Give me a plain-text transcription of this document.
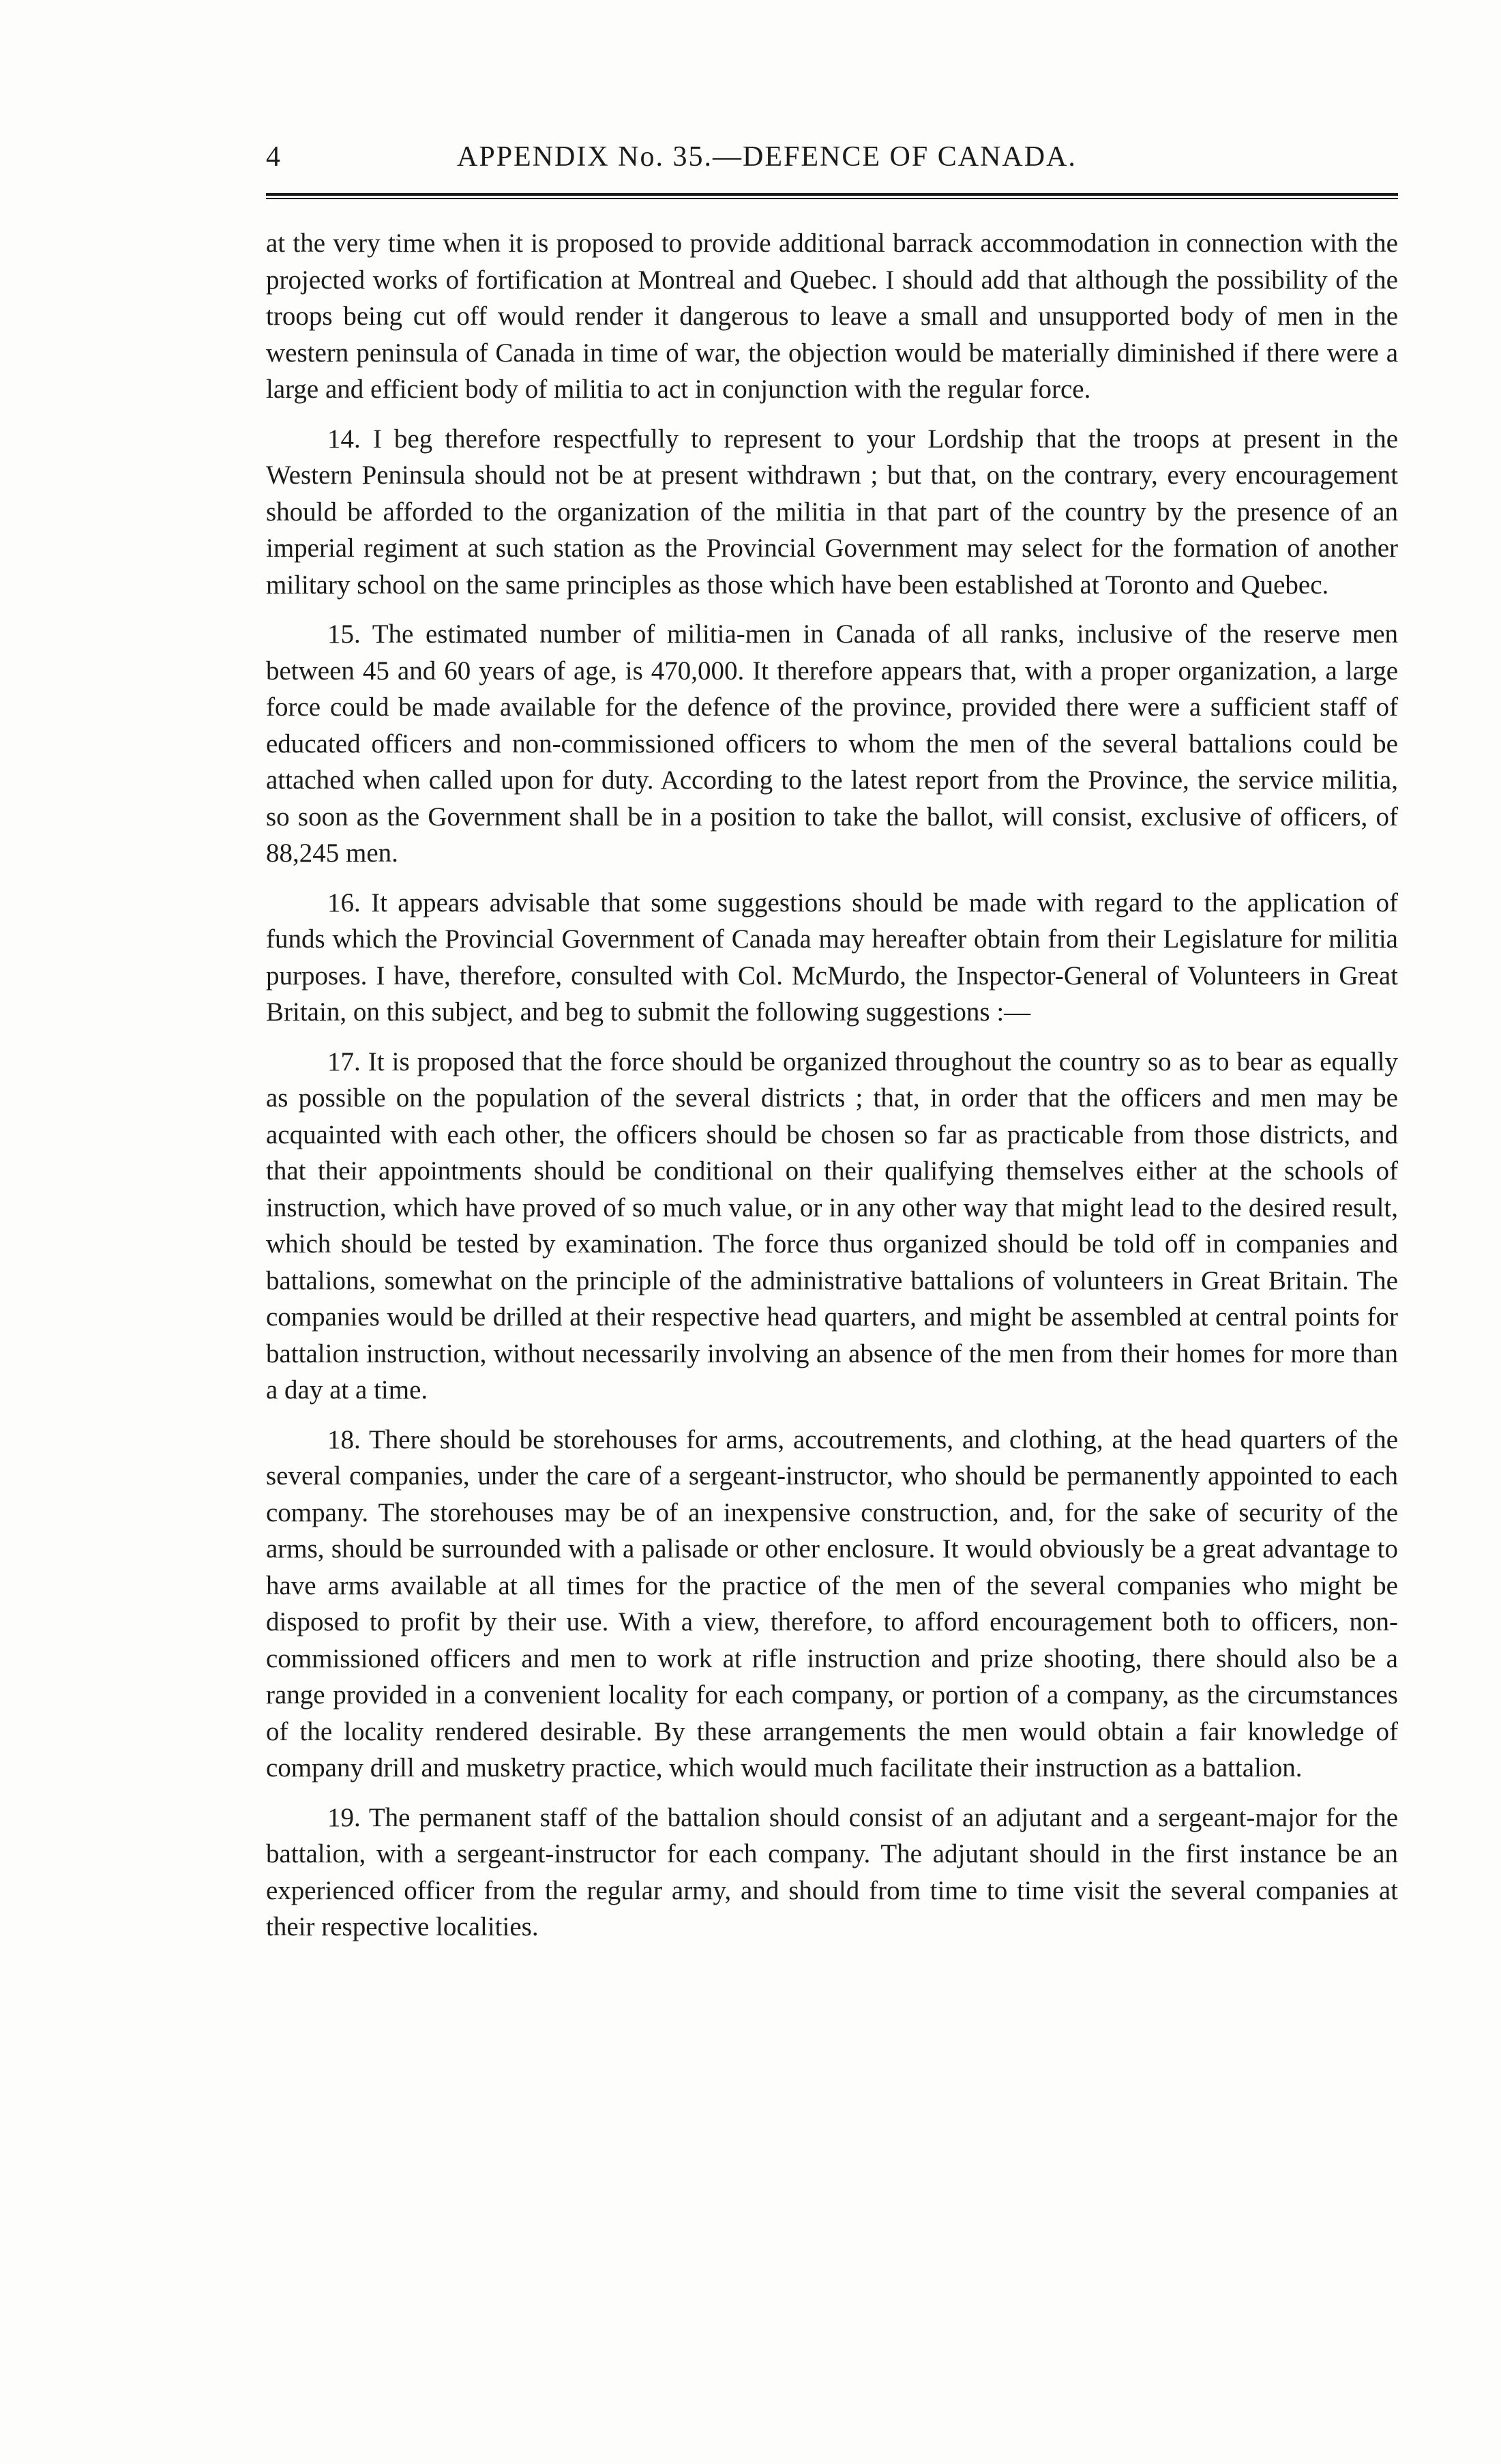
4	APPENDIX No. 35.—DEFENCE OF CANADA.

at the very time when it is proposed to provide additional barrack accommodation in connection with the projected works of fortification at Montreal and Quebec. I should add that although the possibility of the troops being cut off would render it dangerous to leave a small and unsupported body of men in the western peninsula of Canada in time of war, the objection would be materially diminished if there were a large and efficient body of militia to act in conjunction with the regular force.

14. I beg therefore respectfully to represent to your Lordship that the troops at present in the Western Peninsula should not be at present withdrawn ; but that, on the contrary, every encouragement should be afforded to the organization of the militia in that part of the country by the presence of an imperial regiment at such station as the Provincial Government may select for the formation of another military school on the same principles as those which have been established at Toronto and Quebec.

15. The estimated number of militia-men in Canada of all ranks, inclusive of the reserve men between 45 and 60 years of age, is 470,000. It therefore appears that, with a proper organization, a large force could be made available for the defence of the province, provided there were a sufficient staff of educated officers and non-commissioned officers to whom the men of the several battalions could be attached when called upon for duty. According to the latest report from the Province, the service militia, so soon as the Government shall be in a position to take the ballot, will consist, exclusive of officers, of 88,245 men.

16. It appears advisable that some suggestions should be made with regard to the application of funds which the Provincial Government of Canada may hereafter obtain from their Legislature for militia purposes. I have, therefore, consulted with Col. McMurdo, the Inspector-General of Volunteers in Great Britain, on this subject, and beg to submit the following suggestions :—

17. It is proposed that the force should be organized throughout the country so as to bear as equally as possible on the population of the several districts ; that, in order that the officers and men may be acquainted with each other, the officers should be chosen so far as practicable from those districts, and that their appointments should be conditional on their qualifying themselves either at the schools of instruction, which have proved of so much value, or in any other way that might lead to the desired result, which should be tested by examination. The force thus organized should be told off in companies and battalions, somewhat on the principle of the administrative battalions of volunteers in Great Britain. The companies would be drilled at their respective head quarters, and might be assembled at central points for battalion instruction, without necessarily involving an absence of the men from their homes for more than a day at a time.

18. There should be storehouses for arms, accoutrements, and clothing, at the head quarters of the several companies, under the care of a sergeant-instructor, who should be permanently appointed to each company. The storehouses may be of an inexpensive construction, and, for the sake of security of the arms, should be surrounded with a palisade or other enclosure. It would obviously be a great advantage to have arms available at all times for the practice of the men of the several companies who might be disposed to profit by their use. With a view, therefore, to afford encouragement both to officers, non-commissioned officers and men to work at rifle instruction and prize shooting, there should also be a range provided in a convenient locality for each company, or portion of a company, as the circumstances of the locality rendered desirable. By these arrangements the men would obtain a fair knowledge of company drill and musketry practice, which would much facilitate their instruction as a battalion.

19. The permanent staff of the battalion should consist of an adjutant and a sergeant-major for the battalion, with a sergeant-instructor for each company. The adjutant should in the first instance be an experienced officer from the regular army, and should from time to time visit the several companies at their respective localities.
